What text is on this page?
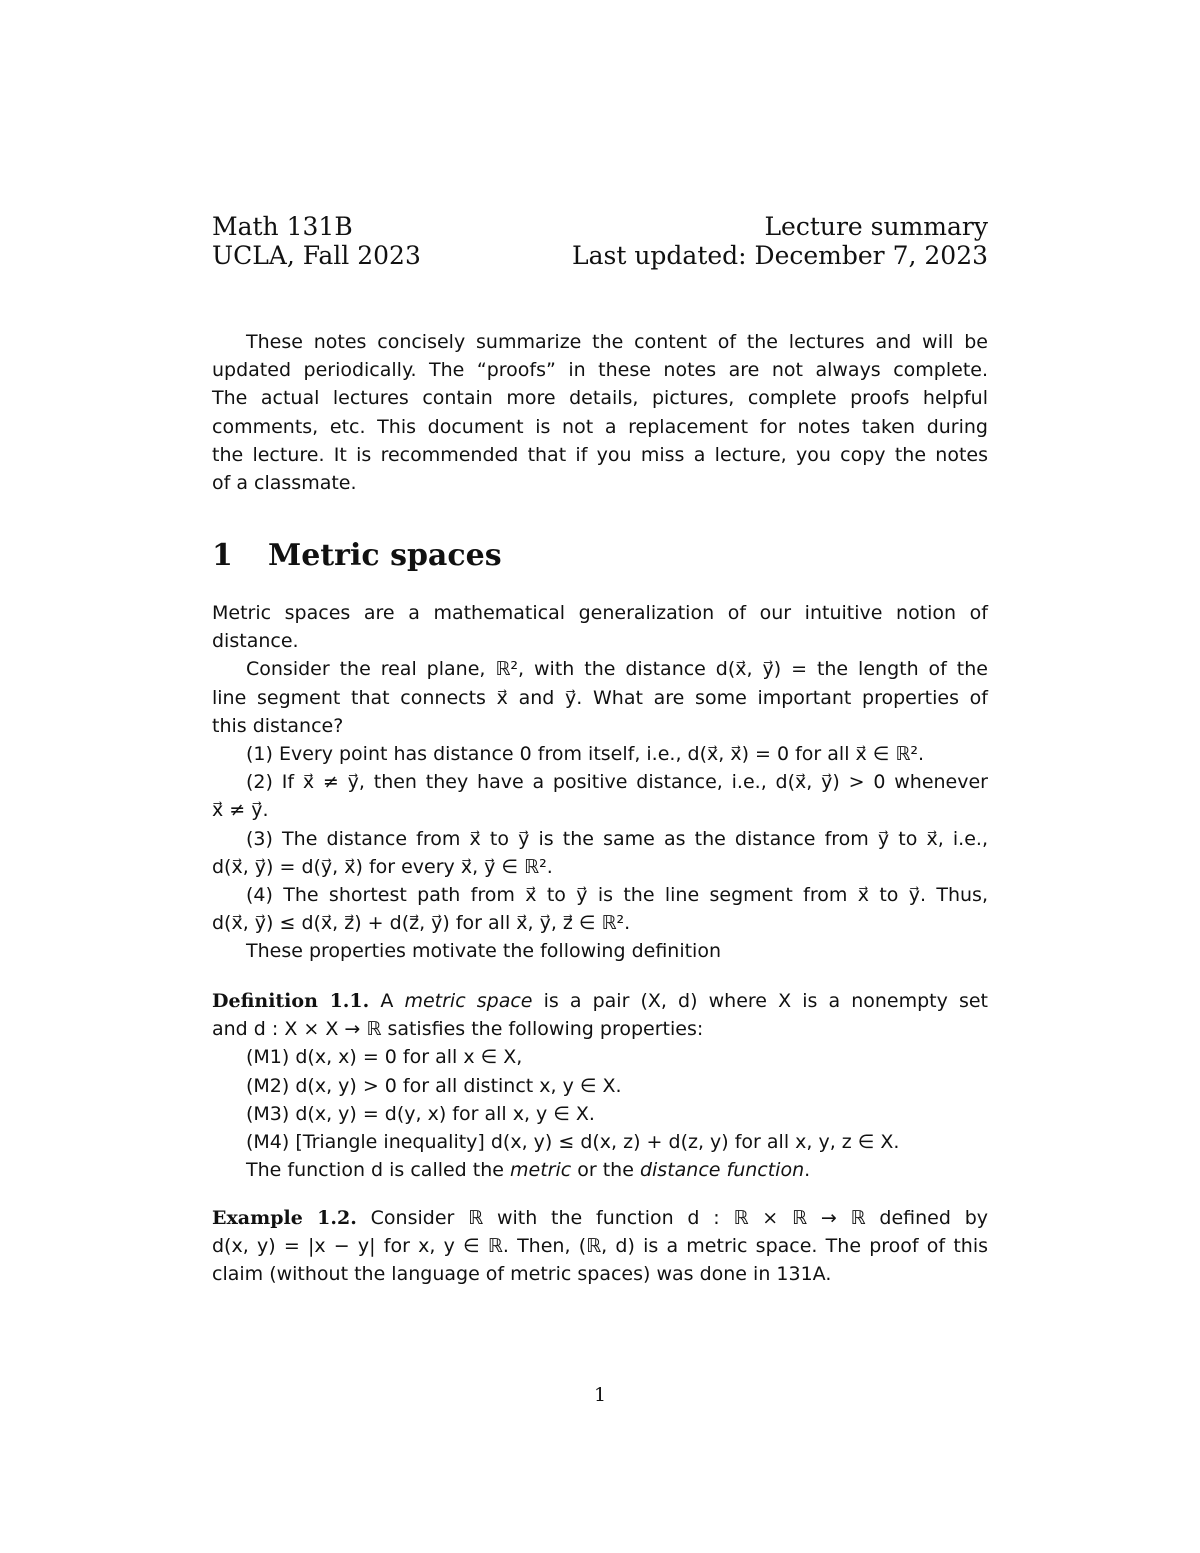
Math 131B
UCLA, Fall 2023
Lecture summary
Last updated: December 7, 2023
These notes concisely summarize the content of the lectures and will be
updated periodically. The “proofs” in these notes are not always complete.
The actual lectures contain more details, pictures, complete proofs helpful
comments, etc. This document is not a replacement for notes taken during
the lecture. It is recommended that if you miss a lecture, you copy the notes
of a classmate.
1 Metric spaces
Metric spaces are a mathematical generalization of our intuitive notion of
distance.
Consider the real plane, ℝ², with the distance d(x⃗, y⃗) = the length of the
line segment that connects x⃗ and y⃗. What are some important properties of
this distance?
(1) Every point has distance 0 from itself, i.e., d(x⃗, x⃗) = 0 for all x⃗ ∈ ℝ².
(2) If x⃗ ≠ y⃗, then they have a positive distance, i.e., d(x⃗, y⃗) > 0 whenever
x⃗ ≠ y⃗.
(3) The distance from x⃗ to y⃗ is the same as the distance from y⃗ to x⃗, i.e.,
d(x⃗, y⃗) = d(y⃗, x⃗) for every x⃗, y⃗ ∈ ℝ².
(4) The shortest path from x⃗ to y⃗ is the line segment from x⃗ to y⃗. Thus,
d(x⃗, y⃗) ≤ d(x⃗, z⃗) + d(z⃗, y⃗) for all x⃗, y⃗, z⃗ ∈ ℝ².
These properties motivate the following definition
Definition 1.1. A metric space is a pair (X, d) where X is a nonempty set
and d : X × X → ℝ satisfies the following properties:
(M1) d(x, x) = 0 for all x ∈ X,
(M2) d(x, y) > 0 for all distinct x, y ∈ X.
(M3) d(x, y) = d(y, x) for all x, y ∈ X.
(M4) [Triangle inequality] d(x, y) ≤ d(x, z) + d(z, y) for all x, y, z ∈ X.
The function d is called the metric or the distance function.
Example 1.2. Consider ℝ with the function d : ℝ × ℝ → ℝ defined by
d(x, y) = |x − y| for x, y ∈ ℝ. Then, (ℝ, d) is a metric space. The proof of this
claim (without the language of metric spaces) was done in 131A.
1
